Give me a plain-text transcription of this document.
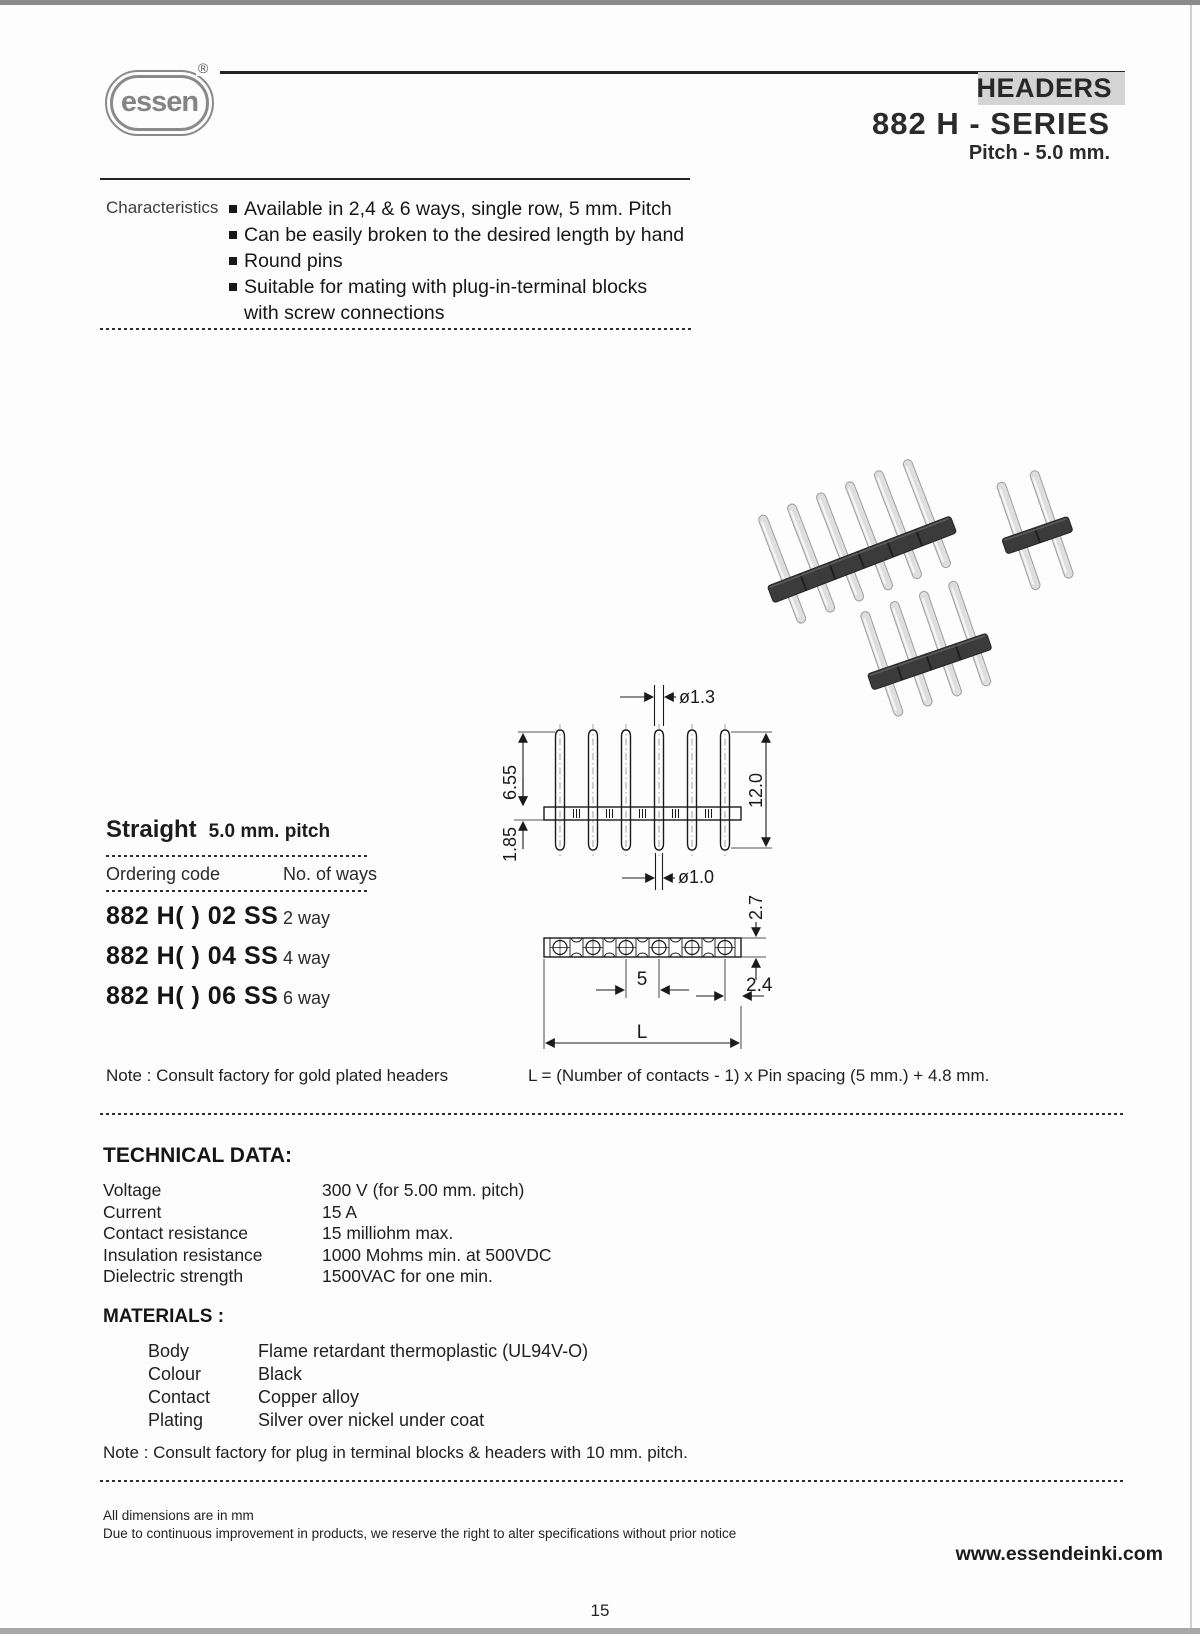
essen
®
HEADERS
882 H - SERIES
Pitch - 5.0 mm.
Characteristics Available in 2,4 & 6 ways, single row, 5 mm. Pitch
Can be easily broken to the desired length by hand
Round pins
Suitable for mating with plug-in-terminal blocks with screw connections
ø1.3
6.55
1.85
12.0
ø1.0
2.7
5	2.4
L
Straight 5.0 mm. pitch
Ordering code	No. of ways
882 H( ) 02 SS 2 way
882 H( ) 04 SS 4 way
882 H( ) 06 SS 6 way
Note : Consult factory for gold plated headers	L = (Number of contacts - 1) x Pin spacing (5 mm.) + 4.8 mm.
TECHNICAL DATA:
Voltage	300 V (for 5.00 mm. pitch)
Current	15 A
Contact resistance	15 milliohm max.
Insulation resistance	1000 Mohms min. at 500VDC
Dielectric strength	1500VAC for one min.
MATERIALS :
Body	Flame retardant thermoplastic (UL94V-O)
Colour	Black
Contact	Copper alloy
Plating	Silver over nickel under coat
Note : Consult factory for plug in terminal blocks & headers with 10 mm. pitch.
All dimensions are in mm
Due to continuous improvement in products, we reserve the right to alter specifications without prior notice
www.essendeinki.com
15
